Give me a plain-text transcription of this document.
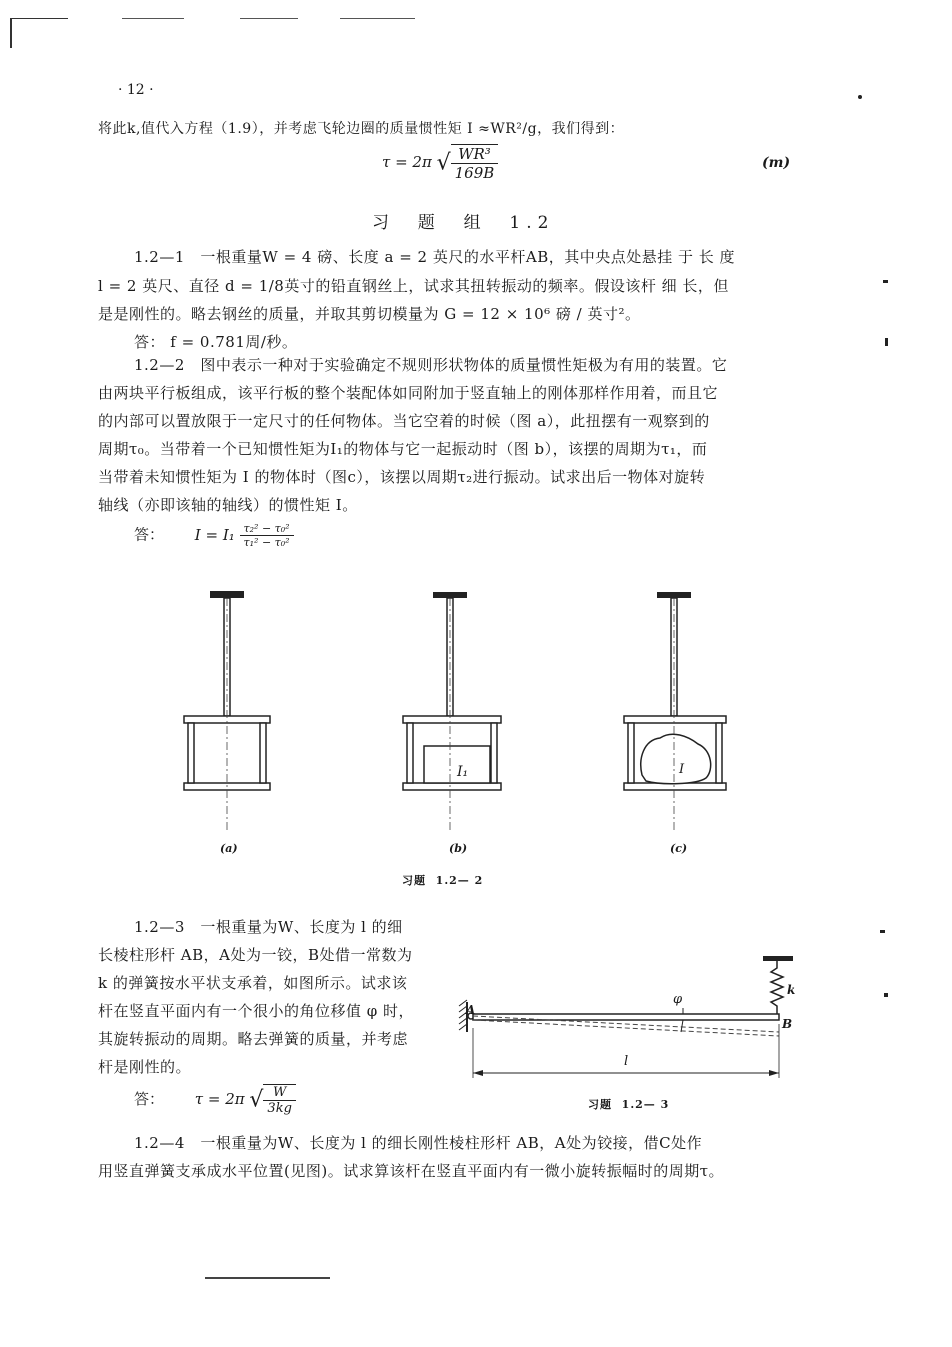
· 12 ·
将此k,值代入方程（1.9），并考虑飞轮边圈的质量惯性矩 I ≈WR²/g，我们得到：
τ = 2π √ $\frac{\text{WR³}}{169B}$	(m)
习  题  组  1.2
1.2—1　一根重量W = 4 磅、长度 a = 2 英尺的水平杆AB，其中央点处悬挂 于 长 度
l = 2 英尺、直径 d = 1/8英寸的铅直钢丝上，试求其扭转振动的频率。假设该杆 细 长，但
是是刚性的。略去钢丝的质量，并取其剪切模量为 G = 12 × 10⁶ 磅 / 英寸²。
答： f = 0.781周/秒。
1.2—2　图中表示一种对于实验确定不规则形状物体的质量惯性矩极为有用的装置。它
由两块平行板组成，该平行板的整个装配体如同附加于竖直轴上的刚体那样作用着，而且它
的内部可以置放限于一定尺寸的任何物体。当它空着的时候（图 a），此扭摆有一观察到的
周期τ₀。当带着一个已知惯性矩为I₁的物体与它一起振动时（图 b），该摆的周期为τ₁，而
当带着未知惯性矩为 I 的物体时（图c），该摆以周期τ₂进行振动。试求出后一物体对旋转
轴线（亦即该轴的轴线）的惯性矩 I。
答： $I = I_1 \frac{\text{τ₂² − τ₀²}}{\text{τ₁² − τ₀²}}$
I₁	I
(a)	(b)	(c)
习题  1.2— 2
1.2—3　一根重量为W、长度为 l 的细
长棱柱形杆 AB，A处为一铰，B处借一常数为
k 的弹簧按水平状支承着，如图所示。试求该
杆在竖直平面内有一个很小的角位移值 φ 时，
其旋转振动的周期。略去弹簧的质量，并考虑
杆是刚性的。
答： τ = 2π √ $\frac{W}{3kg}$
A
B
k
φ
l
习题  1.2— 3
1.2—4　一根重量为W、长度为 l 的细长刚性棱柱形杆 AB，A处为铰接，借C处作
用竖直弹簧支承成水平位置(见图)。试求算该杆在竖直平面内有一微小旋转振幅时的周期τ。
